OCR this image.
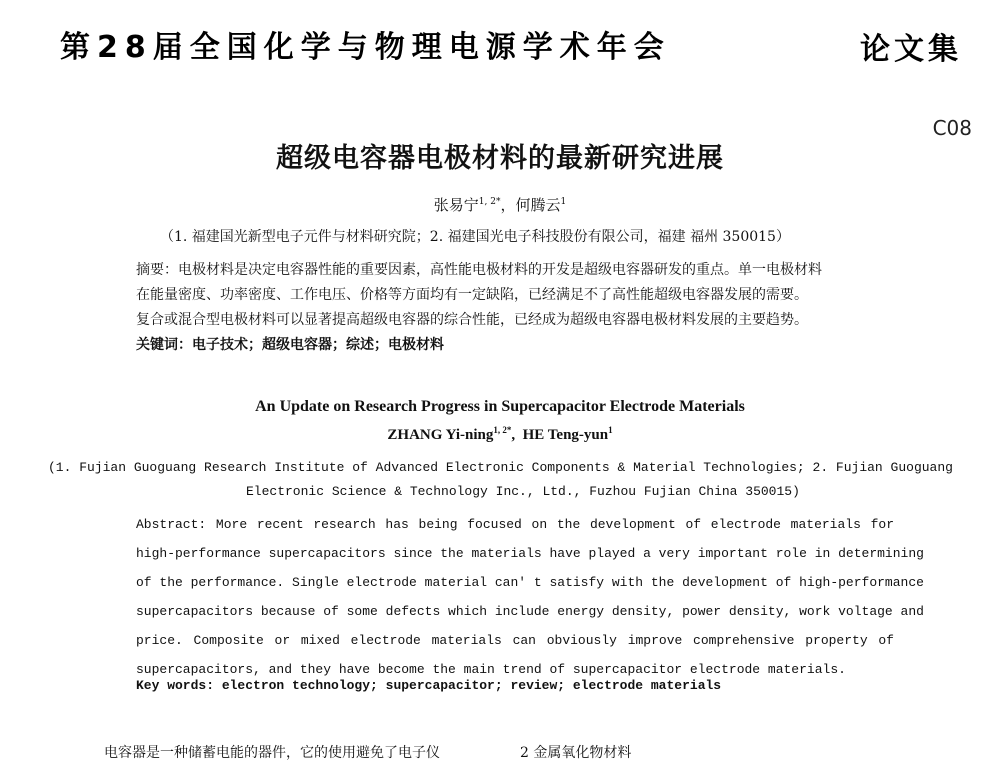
第28届全国化学与物理电源学术年会	论文集
C08
超级电容器电极材料的最新研究进展
张易宁$^{1, 2*}$，何腾云$^1$
（1. 福建国光新型电子元件与材料研究院；2. 福建国光电子科技股份有限公司，福建 福州 350015）

摘要：电极材料是决定电容器性能的重要因素，高性能电极材料的开发是超级电容器研发的重点。单一电极材料

在能量密度、功率密度、工作电压、价格等方面均有一定缺陷，已经满足不了高性能超级电容器发展的需要。

复合或混合型电极材料可以显著提高超级电容器的综合性能，已经成为超级电容器电极材料发展的主要趋势。

关键词：电子技术；超级电容器；综述；电极材料

An Update on Research Progress in Supercapacitor Electrode Materials
ZHANG Yi-ning$^{1, 2*}$, HE Teng-yun$^1$
(1. Fujian Guoguang Research Institute of Advanced Electronic Components & Material Technologies; 2. Fujian Guoguang
Electronic Science & Technology Inc., Ltd., Fuzhou Fujian China 350015)

Abstract: More recent research has being focused on the development of electrode materials for

high-performance supercapacitors since the materials have played a very important role in determining

of the performance. Single electrode material can' t satisfy with the development of high-performance

supercapacitors because of some defects which include energy density, power density, work voltage and

price. Composite or mixed electrode materials can obviously improve comprehensive property of

supercapacitors, and they have become the main trend of supercapacitor electrode materials.

Key words: electron technology; supercapacitor; review; electrode materials
电容器是一种储蓄电能的器件，它的使用避免了电子仪	2 金属氧化物材料
